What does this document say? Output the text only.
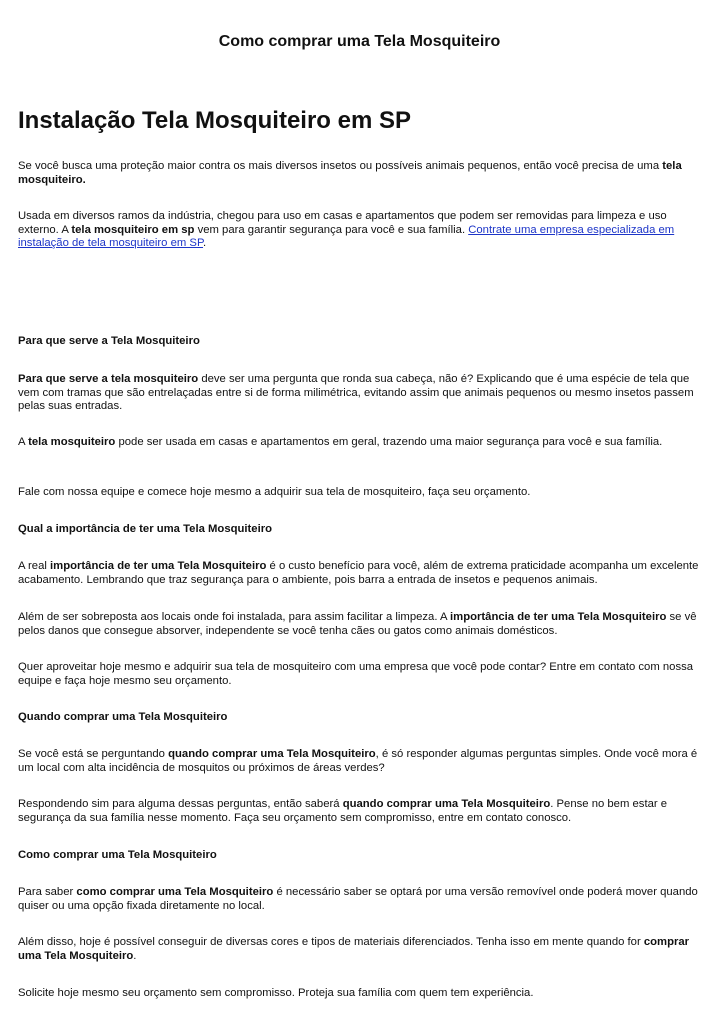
Como comprar uma Tela Mosquiteiro
Instalação Tela Mosquiteiro em SP

Se você busca uma proteção maior contra os mais diversos insetos ou possíveis animais pequenos, então você precisa de uma tela mosquiteiro.

Usada em diversos ramos da indústria, chegou para uso em casas e apartamentos que podem ser removidas para limpeza e uso externo. A tela mosquiteiro em sp vem para garantir segurança para você e sua família. Contrate uma empresa especializada em instalação de tela mosquiteiro em SP.

Para que serve a Tela Mosquiteiro

Para que serve a tela mosquiteiro deve ser uma pergunta que ronda sua cabeça, não é? Explicando que é uma espécie de tela que vem com tramas que são entrelaçadas entre si de forma milimétrica, evitando assim que animais pequenos ou mesmo insetos passem pelas suas entradas.

A tela mosquiteiro pode ser usada em casas e apartamentos em geral, trazendo uma maior segurança para você e sua família.

Fale com nossa equipe e comece hoje mesmo a adquirir sua tela de mosquiteiro, faça seu orçamento.

Qual a importância de ter uma Tela Mosquiteiro

A real importância de ter uma Tela Mosquiteiro é o custo benefício para você, além de extrema praticidade acompanha um excelente acabamento. Lembrando que traz segurança para o ambiente, pois barra a entrada de insetos e pequenos animais.

Além de ser sobreposta aos locais onde foi instalada, para assim facilitar a limpeza. A importância de ter uma Tela Mosquiteiro se vê pelos danos que consegue absorver, independente se você tenha cães ou gatos como animais domésticos.

Quer aproveitar hoje mesmo e adquirir sua tela de mosquiteiro com uma empresa que você pode contar? Entre em contato com nossa equipe e faça hoje mesmo seu orçamento.

Quando comprar uma Tela Mosquiteiro

Se você está se perguntando quando comprar uma Tela Mosquiteiro, é só responder algumas perguntas simples. Onde você mora é um local com alta incidência de mosquitos ou próximos de áreas verdes?

Respondendo sim para alguma dessas perguntas, então saberá quando comprar uma Tela Mosquiteiro. Pense no bem estar e segurança da sua família nesse momento. Faça seu orçamento sem compromisso, entre em contato conosco.

Como comprar uma Tela Mosquiteiro

Para saber como comprar uma Tela Mosquiteiro é necessário saber se optará por uma versão removível onde poderá mover quando quiser ou uma opção fixada diretamente no local.

Além disso, hoje é possível conseguir de diversas cores e tipos de materiais diferenciados. Tenha isso em mente quando for comprar uma Tela Mosquiteiro.

Solicite hoje mesmo seu orçamento sem compromisso. Proteja sua família com quem tem experiência.
